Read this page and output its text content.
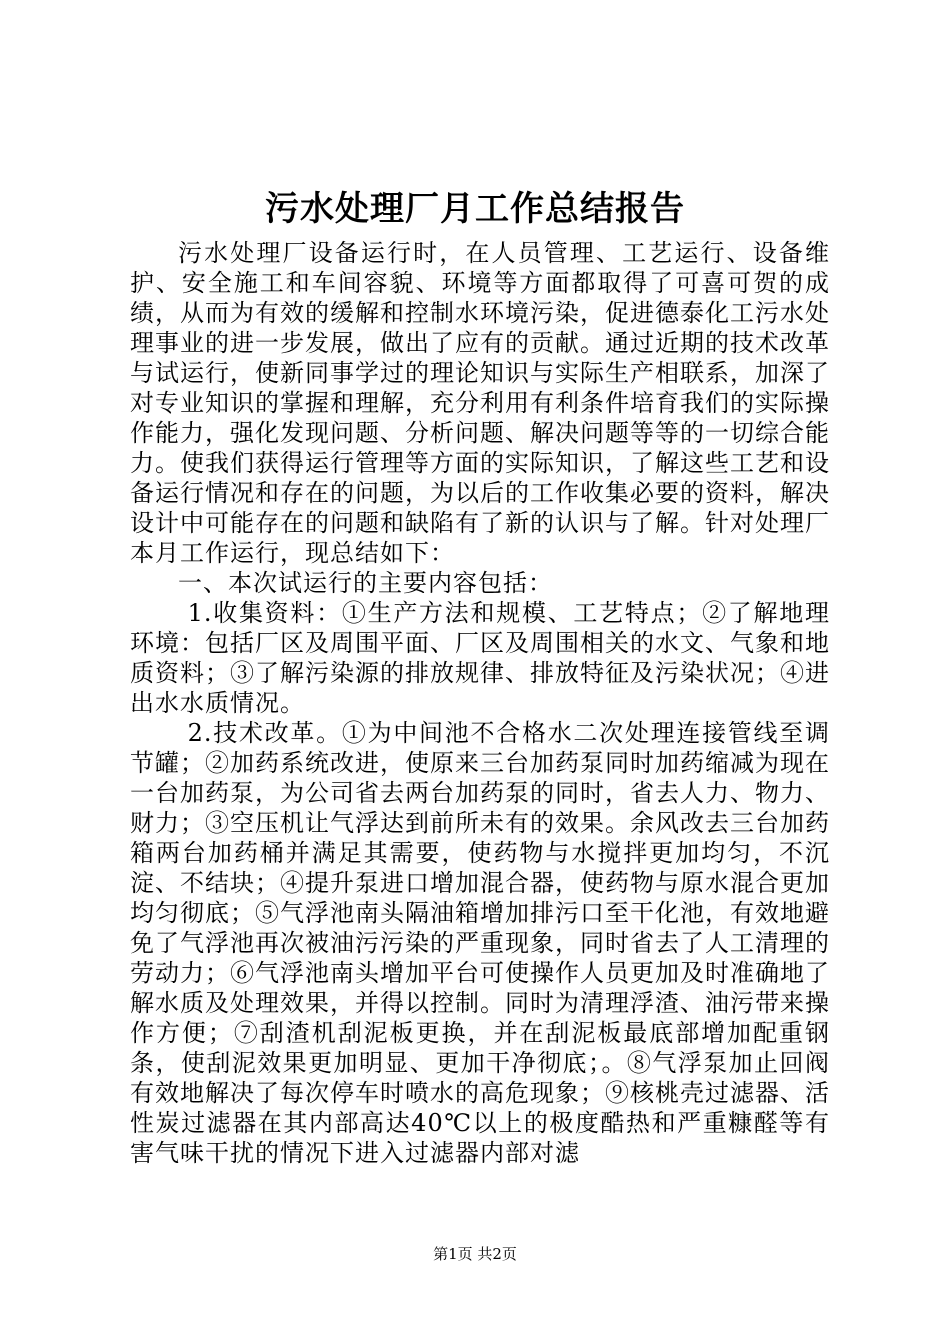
污水处理厂月工作总结报告

污水处理厂设备运行时，在人员管理、工艺运行、设备维护、安全施工和车间容貌、环境等方面都取得了可喜可贺的成绩，从而为有效的缓解和控制水环境污染，促进德泰化工污水处理事业的进一步发展，做出了应有的贡献。通过近期的技术改革与试运行，使新同事学过的理论知识与实际生产相联系，加深了对专业知识的掌握和理解，充分利用有利条件培育我们的实际操作能力，强化发现问题、分析问题、解决问题等等的一切综合能力。使我们获得运行管理等方面的实际知识，了解这些工艺和设备运行情况和存在的问题，为以后的工作收集必要的资料，解决设计中可能存在的问题和缺陷有了新的认识与了解。针对处理厂本月工作运行，现总结如下：

一、本次试运行的主要内容包括：

1.收集资料：①生产方法和规模、工艺特点；②了解地理环境：包括厂区及周围平面、厂区及周围相关的水文、气象和地质资料；③了解污染源的排放规律、排放特征及污染状况；④进出水水质情况。

2.技术改革。①为中间池不合格水二次处理连接管线至调节罐；②加药系统改进，使原来三台加药泵同时加药缩减为现在一台加药泵，为公司省去两台加药泵的同时，省去人力、物力、财力；③空压机让气浮达到前所未有的效果。余风改去三台加药箱两台加药桶并满足其需要，使药物与水搅拌更加均匀，不沉淀、不结块；④提升泵进口增加混合器，使药物与原水混合更加均匀彻底；⑤气浮池南头隔油箱增加排污口至干化池，有效地避免了气浮池再次被油污污染的严重现象，同时省去了人工清理的劳动力；⑥气浮池南头增加平台可使操作人员更加及时准确地了解水质及处理效果，并得以控制。同时为清理浮渣、油污带来操作方便；⑦刮渣机刮泥板更换，并在刮泥板最底部增加配重钢条，使刮泥效果更加明显、更加干净彻底；。⑧气浮泵加止回阀有效地解决了每次停车时喷水的高危现象；⑨核桃壳过滤器、活性炭过滤器在其内部高达40℃以上的极度酷热和严重糠醛等有害气味干扰的情况下进入过滤器内部对滤

第1页 共2页
